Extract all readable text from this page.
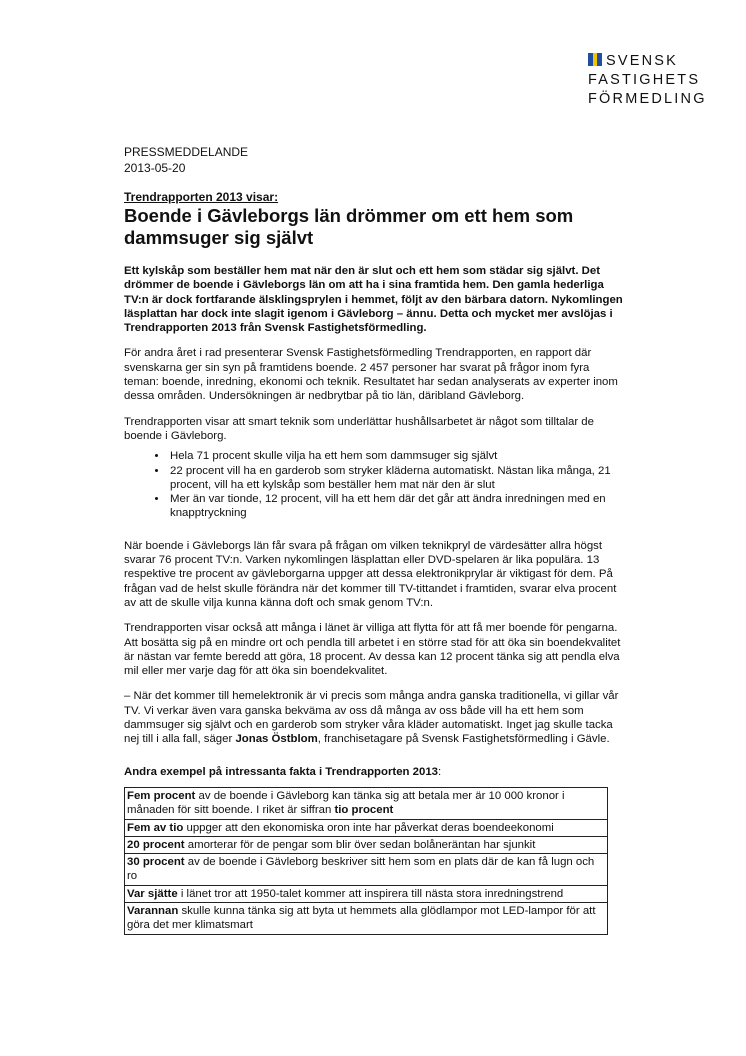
SVENSK
FASTIGHETS
FÖRMEDLING
PRESSMEDDELANDE
2013-05-20
Trendrapporten 2013 visar:
Boende i Gävleborgs län drömmer om ett hem som dammsuger sig självt

Ett kylskåp som beställer hem mat när den är slut och ett hem som städar sig självt. Det drömmer de boende i Gävleborgs län om att ha i sina framtida hem. Den gamla hederliga TV:n är dock fortfarande älsklingsprylen i hemmet, följt av den bärbara datorn. Nykomlingen läsplattan har dock inte slagit igenom i Gävleborg – ännu. Detta och mycket mer avslöjas i Trendrapporten 2013 från Svensk Fastighetsförmedling.

För andra året i rad presenterar Svensk Fastighetsförmedling Trendrapporten, en rapport där svenskarna ger sin syn på framtidens boende. 2 457 personer har svarat på frågor inom fyra teman: boende, inredning, ekonomi och teknik. Resultatet har sedan analyserats av experter inom dessa områden. Undersökningen är nedbrytbar på tio län, däribland Gävleborg.

Trendrapporten visar att smart teknik som underlättar hushållsarbetet är något som tilltalar de boende i Gävleborg.

• Hela 71 procent skulle vilja ha ett hem som dammsuger sig självt
• 22 procent vill ha en garderob som stryker kläderna automatiskt. Nästan lika många, 21 procent, vill ha ett kylskåp som beställer hem mat när den är slut
• Mer än var tionde, 12 procent, vill ha ett hem där det går att ändra inredningen med en knapptryckning

När boende i Gävleborgs län får svara på frågan om vilken teknikpryl de värdesätter allra högst svarar 76 procent TV:n. Varken nykomlingen läsplattan eller DVD-spelaren är lika populära. 13 respektive tre procent av gävleborgarna uppger att dessa elektronikprylar är viktigast för dem. På frågan vad de helst skulle förändra när det kommer till TV-tittandet i framtiden, svarar elva procent av att de skulle vilja kunna känna doft och smak genom TV:n.

Trendrapporten visar också att många i länet är villiga att flytta för att få mer boende för pengarna. Att bosätta sig på en mindre ort och pendla till arbetet i en större stad för att öka sin boendekvalitet är nästan var femte beredd att göra, 18 procent. Av dessa kan 12 procent tänka sig att pendla elva mil eller mer varje dag för att öka sin boendekvalitet.

– När det kommer till hemelektronik är vi precis som många andra ganska traditionella, vi gillar vår TV. Vi verkar även vara ganska bekväma av oss då många av oss både vill ha ett hem som dammsuger sig självt och en garderob som stryker våra kläder automatiskt. Inget jag skulle tacka nej till i alla fall, säger Jonas Östblom, franchisetagare på Svensk Fastighetsförmedling i Gävle.

Andra exempel på intressanta fakta i Trendrapporten 2013:
Fem procent av de boende i Gävleborg kan tänka sig att betala mer är 10 000 kronor i månaden för sitt boende. I riket är siffran tio procent
Fem av tio uppger att den ekonomiska oron inte har påverkat deras boendeekonomi
20 procent amorterar för de pengar som blir över sedan bolåneräntan har sjunkit
30 procent av de boende i Gävleborg beskriver sitt hem som en plats där de kan få lugn och ro
Var sjätte i länet tror att 1950-talet kommer att inspirera till nästa stora inredningstrend
Varannan skulle kunna tänka sig att byta ut hemmets alla glödlampor mot LED-lampor för att göra det mer klimatsmart
